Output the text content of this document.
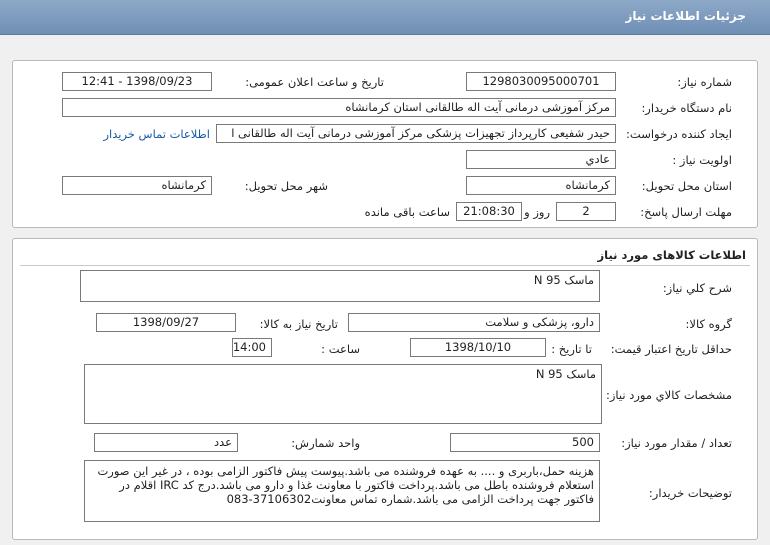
جزئیات اطلاعات نیاز
شماره نیاز:
1298030095000701
تاریخ و ساعت اعلان عمومی:
1398/09/23 - 12:41
نام دستگاه خریدار:
مرکز آموزشی درمانی آیت اله طالقانی استان کرمانشاه
ایجاد کننده درخواست:
حیدر شفیعی کارپرداز تجهیزات پزشکی مرکز آموزشی درمانی آیت اله طالقانی ا
اطلاعات تماس خریدار
اولویت نیاز :
عادي
استان محل تحویل:
کرمانشاه
شهر محل تحویل:
کرمانشاه
مهلت ارسال پاسخ:
2
روز و
21:08:30
ساعت باقی مانده
اطلاعات کالاهای مورد نیاز
شرح کلي نیاز:
ماسک N 95
گروه کالا:
دارو، پزشکی و سلامت
تاریخ نیاز به کالا:
1398/09/27
حداقل تاریخ اعتبار قیمت:
تا تاریخ :
1398/10/10
ساعت :
14:00
مشخصات کالاي مورد نیاز:
ماسک N 95
تعداد / مقدار مورد نیاز:
500
واحد شمارش:
عدد
توضیحات خریدار:
هزینه حمل،باربری و .... به عهده فروشنده می باشد.پیوست پیش فاکتور الزامی بوده ، در غیر این صورت استعلام فروشنده باطل می باشد.پرداخت فاکتور با معاونت غذا و دارو می باشد.درج کد IRC اقلام در فاکتور جهت پرداخت الزامی می باشد.شماره تماس معاونت37106302-083
